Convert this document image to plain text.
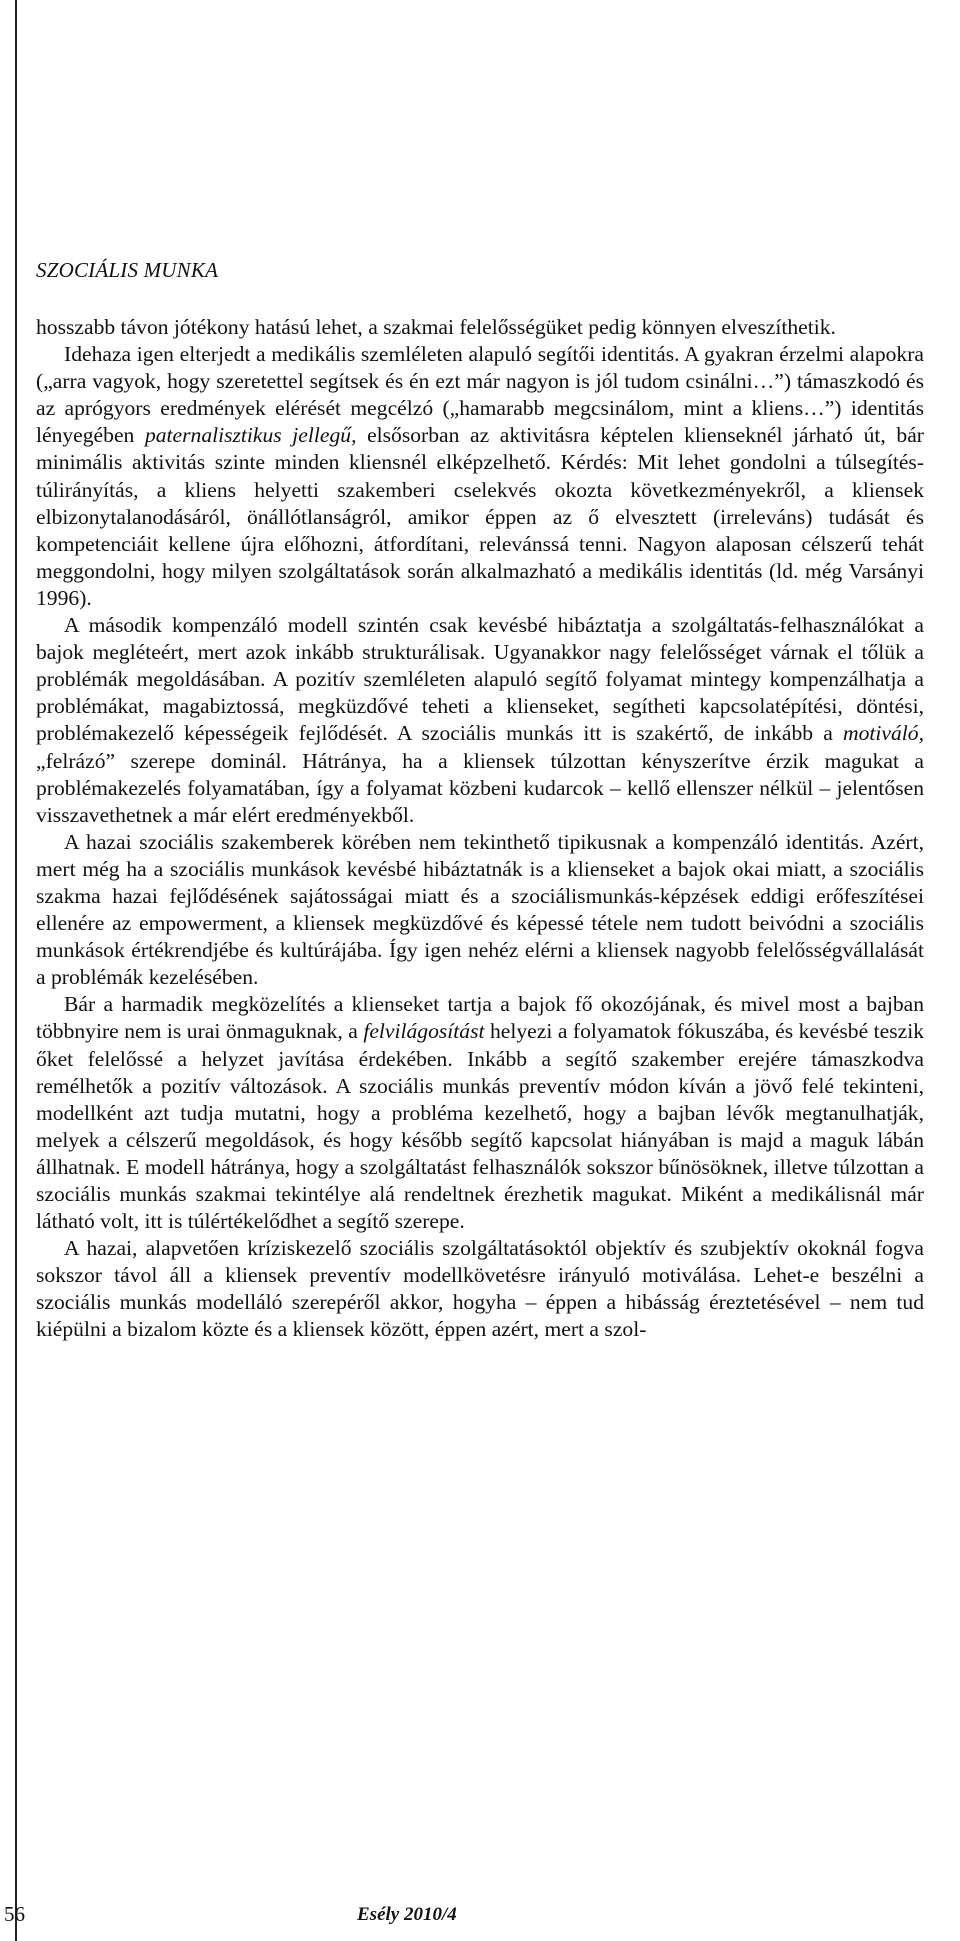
SZOCIÁLIS MUNKA

hosszabb távon jótékony hatású lehet, a szakmai felelősségüket pedig könnyen elveszíthetik.

Idehaza igen elterjedt a medikális szemléleten alapuló segítői identitás. A gyakran érzelmi alapokra („arra vagyok, hogy szeretettel segítsek és én ezt már nagyon is jól tudom csinálni…”) támaszkodó és az aprógyors eredmények elérését megcélzó („hamarabb megcsinálom, mint a kliens…”) identitás lényegében paternalisztikus jellegű, elsősorban az aktivitásra képtelen klienseknél járható út, bár minimális aktivitás szinte minden kliensnél elképzelhető. Kérdés: Mit lehet gondolni a túlsegítés-túlirányítás, a kliens helyetti szakemberi cselekvés okozta következményekről, a kliensek elbizonytalanodásáról, önállótlanságról, amikor éppen az ő elvesztett (irreleváns) tudását és kompetenciáit kellene újra előhozni, átfordítani, relevánssá tenni. Nagyon alaposan célszerű tehát meggondolni, hogy milyen szolgáltatások során alkalmazható a medikális identitás (ld. még Varsányi 1996).

A második kompenzáló modell szintén csak kevésbé hibáztatja a szolgáltatás-felhasználókat a bajok megléteért, mert azok inkább strukturálisak. Ugyanakkor nagy felelősséget várnak el tőlük a problémák megoldásában. A pozitív szemléleten alapuló segítő folyamat mintegy kompenzálhatja a problémákat, magabiztossá, megküzdővé teheti a klienseket, segítheti kapcsolatépítési, döntési, problémakezelő képességeik fejlődését. A szociális munkás itt is szakértő, de inkább a motiváló, „felrázó” szerepe dominál. Hátránya, ha a kliensek túlzottan kényszerítve érzik magukat a problémakezelés folyamatában, így a folyamat közbeni kudarcok – kellő ellenszer nélkül – jelentősen visszavethetnek a már elért eredményekből.

A hazai szociális szakemberek körében nem tekinthető tipikusnak a kompenzáló identitás. Azért, mert még ha a szociális munkások kevésbé hibáztatnák is a klienseket a bajok okai miatt, a szociális szakma hazai fejlődésének sajátosságai miatt és a szociálismunkás-képzések eddigi erőfeszítései ellenére az empowerment, a kliensek megküzdővé és képessé tétele nem tudott beivódni a szociális munkások értékrendjébe és kultúrájába. Így igen nehéz elérni a kliensek nagyobb felelősségvállalását a problémák kezelésében.

Bár a harmadik megközelítés a klienseket tartja a bajok fő okozójának, és mivel most a bajban többnyire nem is urai önmaguknak, a felvilágosítást helyezi a folyamatok fókuszába, és kevésbé teszik őket felelőssé a helyzet javítása érdekében. Inkább a segítő szakember erejére támaszkodva remélhetők a pozitív változások. A szociális munkás preventív módon kíván a jövő felé tekinteni, modellként azt tudja mutatni, hogy a probléma kezelhető, hogy a bajban lévők megtanulhatják, melyek a célszerű megoldások, és hogy később segítő kapcsolat hiányában is majd a maguk lábán állhatnak. E modell hátránya, hogy a szolgáltatást felhasználók sokszor bűnösöknek, illetve túlzottan a szociális munkás szakmai tekintélye alá rendeltnek érezhetik magukat. Miként a medikálisnál már látható volt, itt is túlértékelődhet a segítő szerepe.

A hazai, alapvetően kríziskezelő szociális szolgáltatásoktól objektív és szubjektív okoknál fogva sokszor távol áll a kliensek preventív modellkövetésre irányuló motiválása. Lehet-e beszélni a szociális munkás modelláló szerepéről akkor, hogyha – éppen a hibásság éreztetésével – nem tud kiépülni a bizalom közte és a kliensek között, éppen azért, mert a szol-

56	Esély 2010/4
